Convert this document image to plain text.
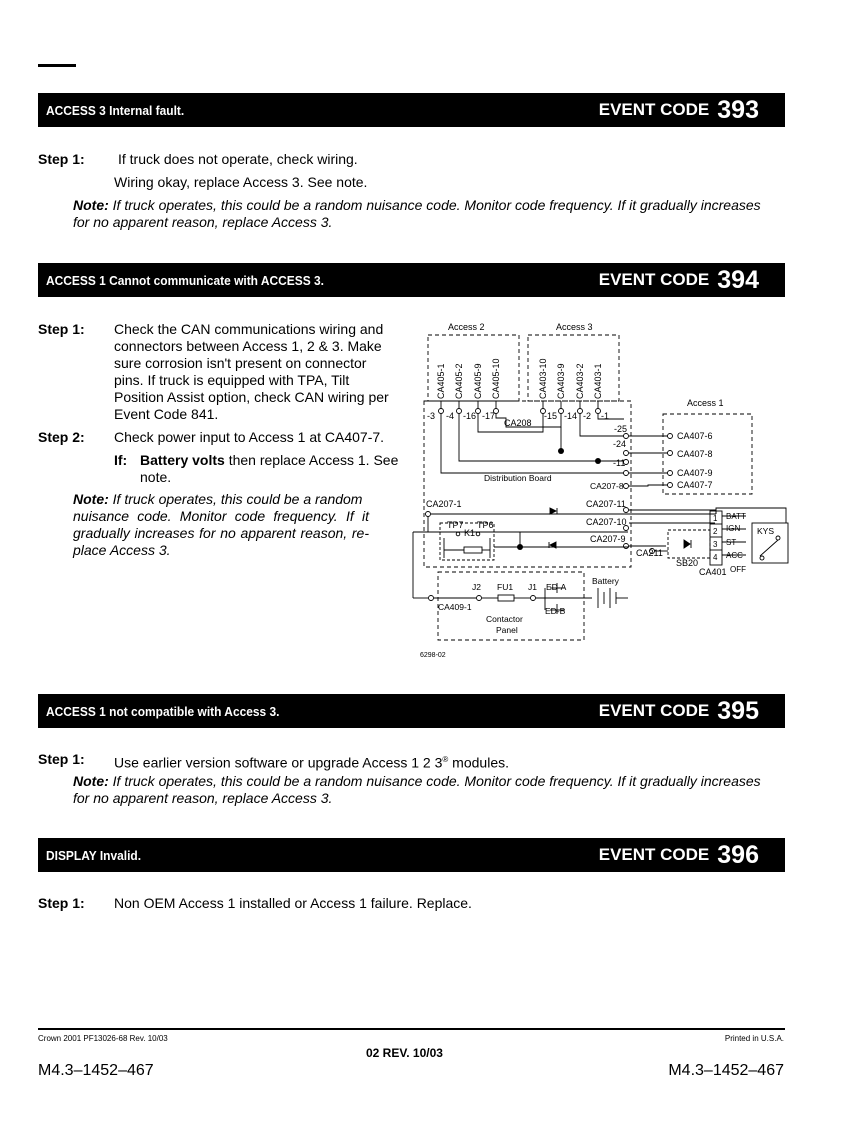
ACCESS 3 Internal fault.	EVENT CODE 393
Step 1: If truck does not operate, check wiring.
Wiring okay, replace Access 3. See note.
Note: If truck operates, this could be a random nuisance code. Monitor code frequency. If it gradually increases
for no apparent reason, replace Access 3.
ACCESS 1 Cannot communicate with ACCESS 3.	EVENT CODE 394
Step 1: Check the CAN communications wiring and
connectors between Access 1, 2 & 3. Make
sure corrosion isn't present on connector
pins. If truck is equipped with TPA, Tilt
Position Assist option, check CAN wiring per
Event Code 841.
Step 2: Check power input to Access 1 at CA407-7.
If: Battery volts then replace Access 1. See
note.
Note: If truck operates, this could be a random
nuisance code. Monitor code frequency. If it
gradually increases for no apparent reason, re-
place Access 3.
Access 2	Access 3
Access 1
CA405-1 CA405-2 CA405-9 CA405-10	CA403-10 CA403-9 CA403-2 CA403-1
-3 -4 -16 -17
CA208
-15 -14 -2 -1
-25
-24
-11
CA407-6
CA407-8
CA407-9
CA407-7
Distribution Board
CA207-8
CA207-1	CA207-11
CA207-10
CA207-9
TP7 TP6
K1
CA211
SB20
CA401
1
2
3
4
BATT
IGN
ST
ACC
OFF
KYS
Battery
J2 FU1 J1 ED-A
ED-B
CA409-1
Contactor
Panel
6298-02
ACCESS 1 not compatible with Access 3.	EVENT CODE 395
Step 1: Use earlier version software or upgrade Access 1 2 3® modules.
Note: If truck operates, this could be a random nuisance code. Monitor code frequency. If it gradually increases
for no apparent reason, replace Access 3.
DISPLAY Invalid.	EVENT CODE 396
Step 1: Non OEM Access 1 installed or Access 1 failure. Replace.
Crown 2001 PF13026-68 Rev. 10/03	Printed in U.S.A.
02 REV. 10/03
M4.3–1452–467	M4.3–1452–467
